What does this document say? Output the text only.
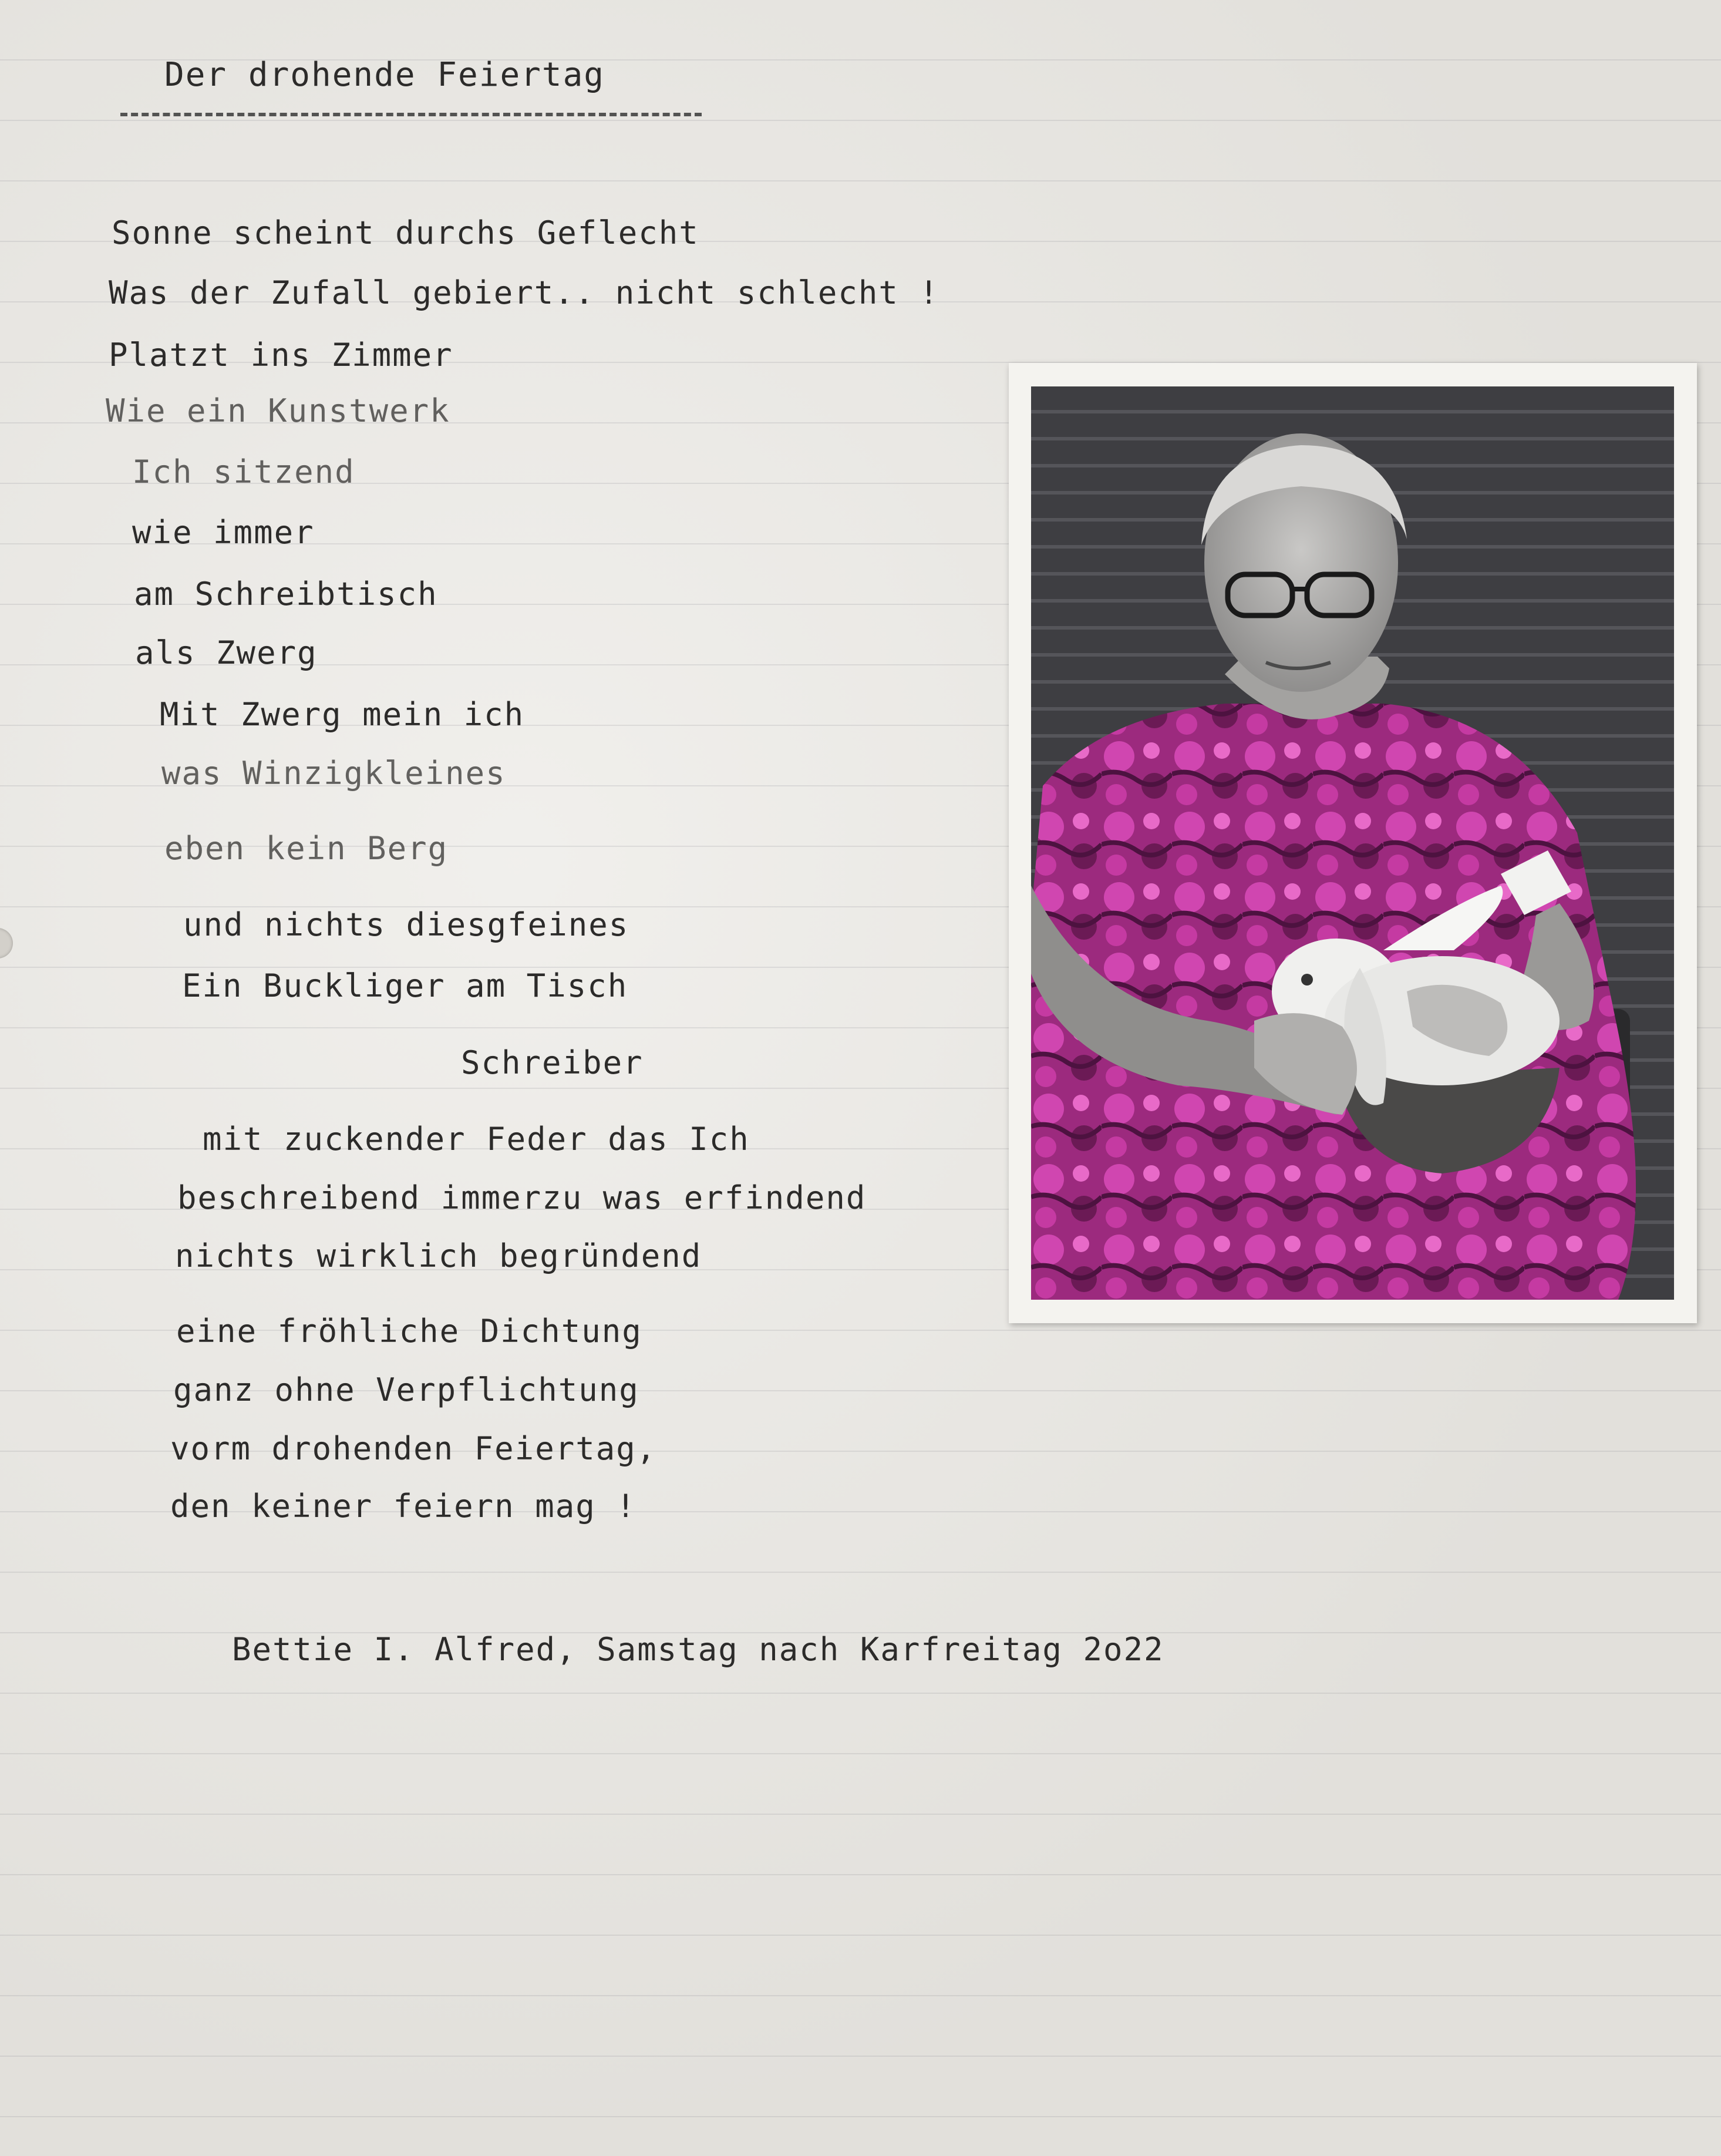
Der drohende Feiertag
Sonne scheint durchs Geflecht
Was der Zufall gebiert.. nicht schlecht !
Platzt ins Zimmer
Wie ein Kunstwerk
Ich sitzend
wie immer
am Schreibtisch
als Zwerg
Mit Zwerg mein ich
was Winzigkleines
eben kein Berg
und nichts diesgfeines
Ein Buckliger am Tisch
Schreiber
mit zuckender Feder das Ich
beschreibend immerzu was erfindend
nichts wirklich begründend
eine fröhliche Dichtung
ganz ohne Verpflichtung
vorm drohenden Feiertag,
den keiner feiern mag !
Bettie I. Alfred, Samstag nach Karfreitag 2o22
